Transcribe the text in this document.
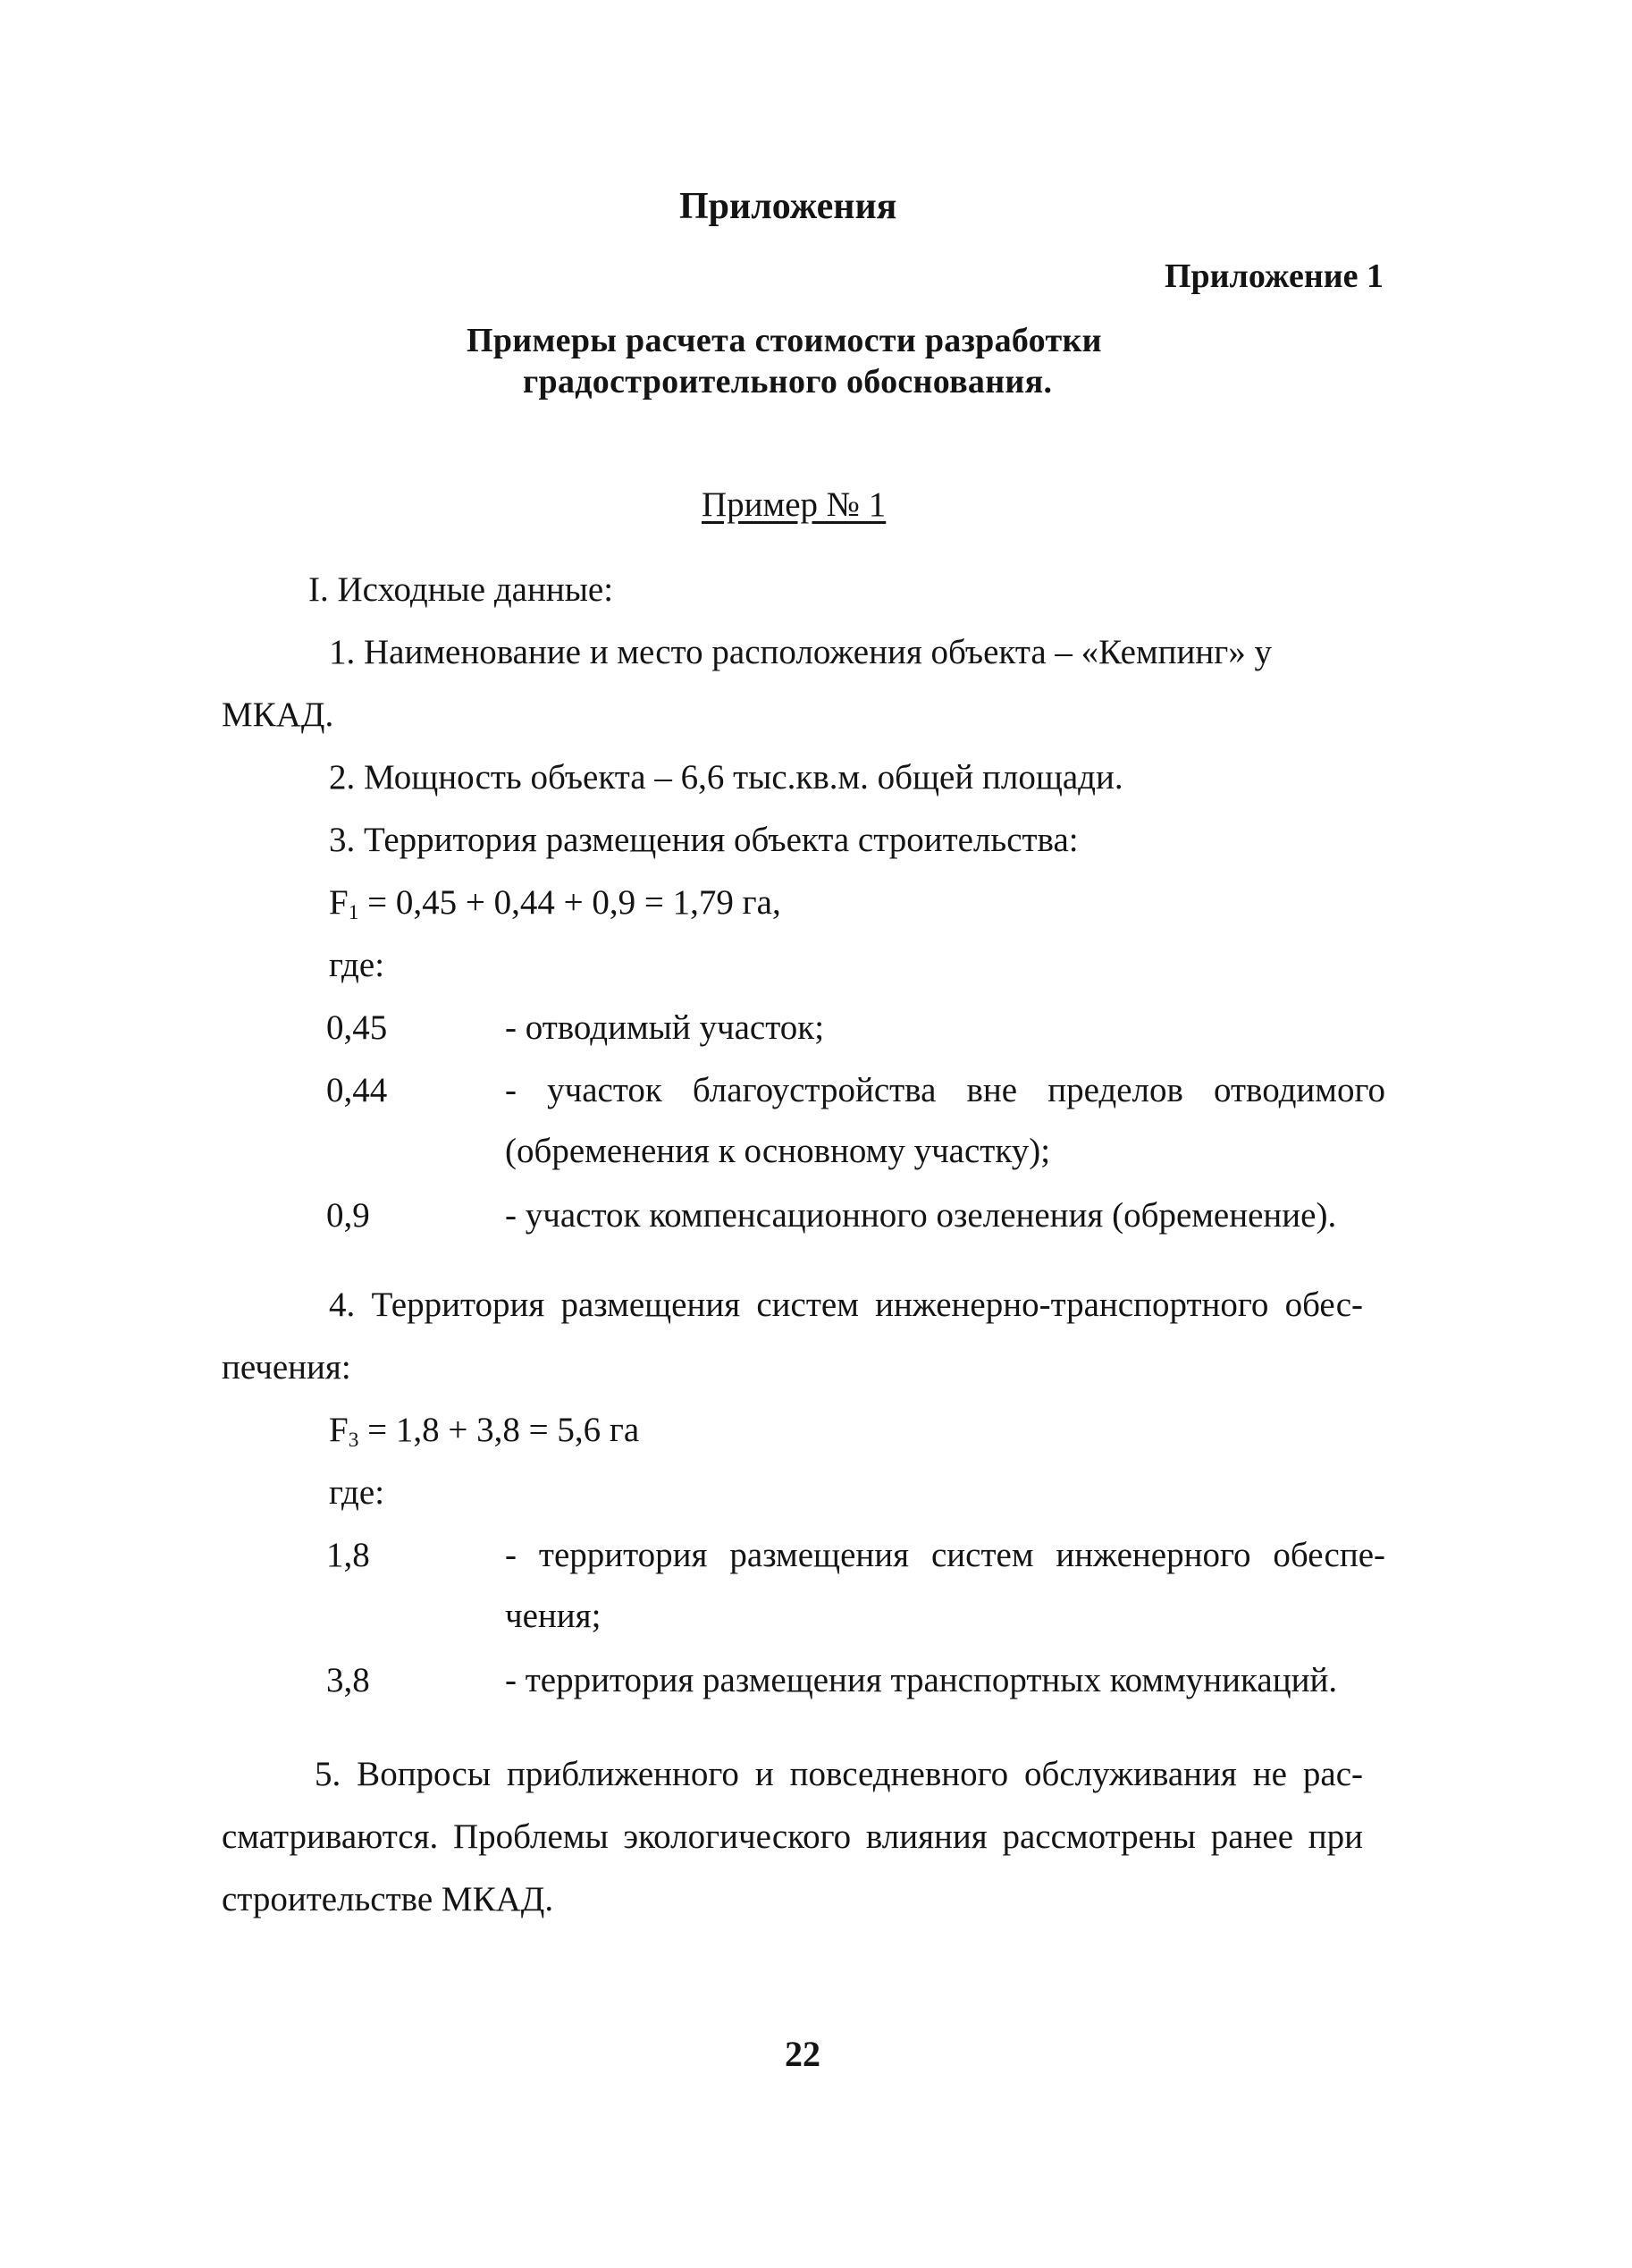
Приложения
Приложение 1
Примеры расчета стоимости разработки
градостроительного обоснования.
Пример № 1
I. Исходные данные:
1. Наименование и место расположения объекта – «Кемпинг» у
МКАД.
2. Мощность объекта – 6,6 тыс.кв.м. общей площади.
3. Территория размещения объекта строительства:
$F_1 = 0,45 + 0,44 + 0,9 = 1,79$ га,
где:
0,45	- отводимый участок;
0,44	- участок благоустройства вне пределов отводимого
(обременения к основному участку);
0,9	- участок компенсационного озеленения (обременение).
4. Территория размещения систем инженерно-транспортного обес-
печения:
$F_3 = 1,8 + 3,8 = 5,6$ га
где:
1,8	- территория размещения систем инженерного обеспе-
чения;
3,8	- территория размещения транспортных коммуникаций.
5. Вопросы приближенного и повседневного обслуживания не рас-
сматриваются. Проблемы экологического влияния рассмотрены ранее при
строительстве МКАД.
22
